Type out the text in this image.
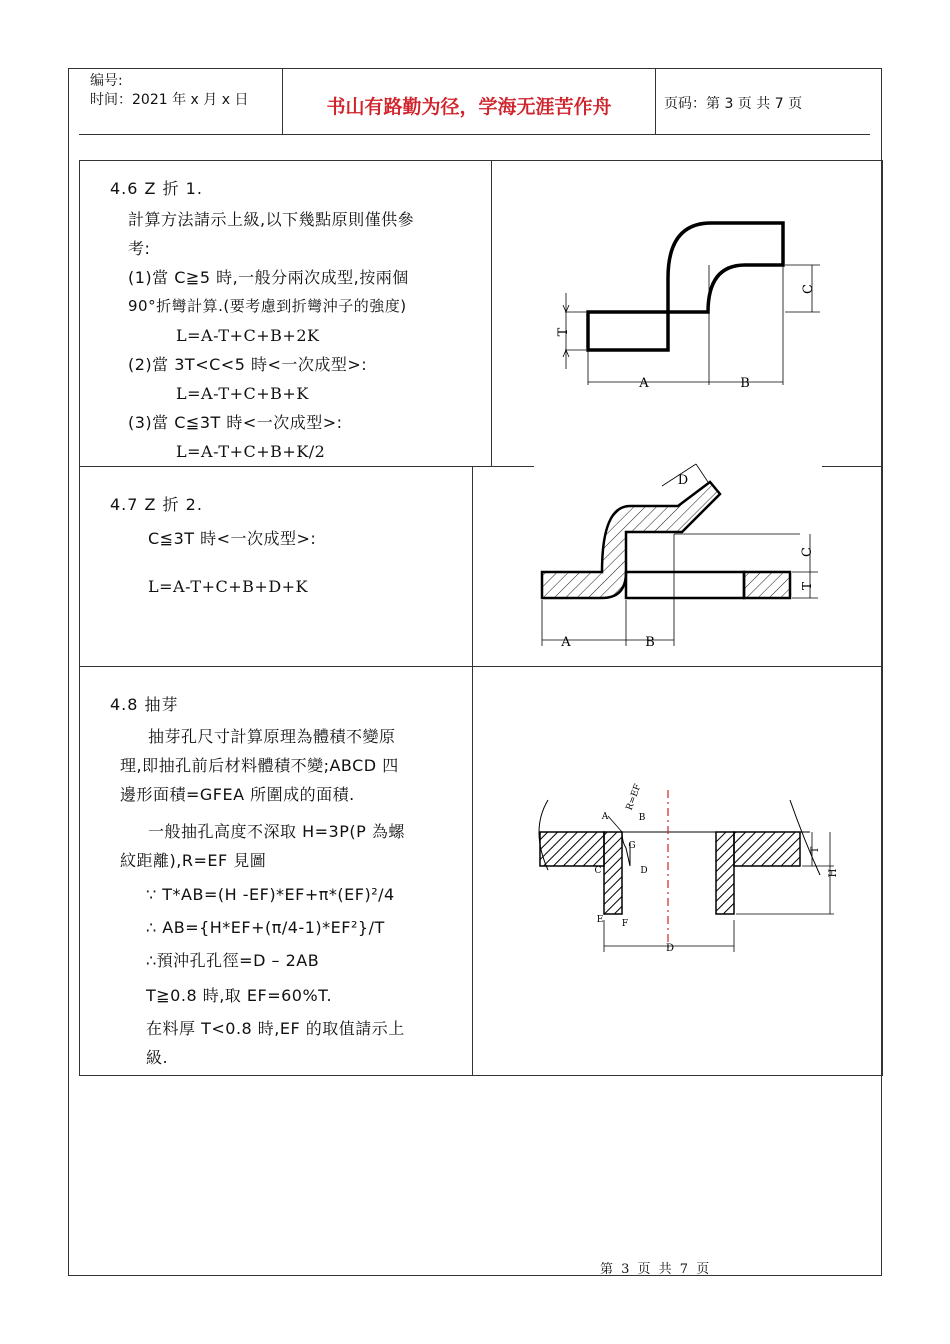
编号:
时间：2021 年 x 月 x 日	书山有路勤为径，学海无涯苦作舟	页码：第 3 页 共 7 页
4.6 Z 折 1.
計算方法請示上級,以下幾點原則僅供參
考:
(1)當 C≧5 時,一般分兩次成型,按兩個
90°折彎計算.(要考慮到折彎沖子的強度)
L=A-T+C+B+2K
(2)當 3T<C<5 時<一次成型>:
L=A-T+C+B+K
(3)當 C≦3T 時<一次成型>:
L=A-T+C+B+K/2
A	B
C
T
4.7 Z 折 2.
C≦3T 時<一次成型>:
L=A-T+C+B+D+K
A	B
C
T
D
4.8 抽芽
抽芽孔尺寸計算原理為體積不變原
理,即抽孔前后材料體積不變;ABCD 四
邊形面積=GFEA 所圍成的面積.
一般抽孔高度不深取 H=3P(P 為螺
紋距離),R=EF 見圖
∵ T*AB=(H -EF)*EF+π*(EF)²/4
∴ AB={H*EF+(π/4-1)*EF²}/T
∴預沖孔孔徑=D – 2AB
T≧0.8 時,取 EF=60%T.
在料厚 T<0.8 時,EF 的取值請示上
級.
A	B
C	D
E F
G
R=EF
T
H
D
第 3 页 共 7 页
